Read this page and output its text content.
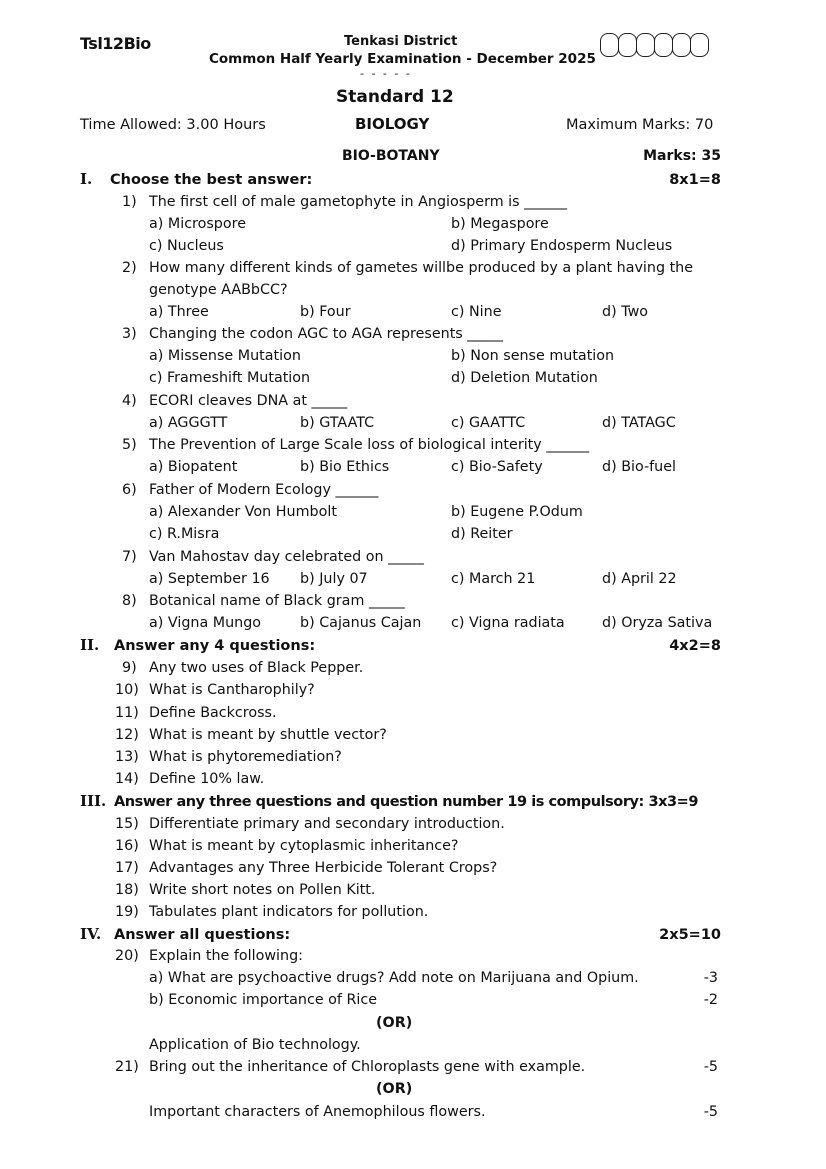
Tsl12Bio	Tenkasi District
Common Half Yearly Examination - December 2025
- - - - -
Standard 12
Time Allowed: 3.00 Hours	BIOLOGY	Maximum Marks: 70
BIO-BOTANY	Marks: 35
I. Choose the best answer:	8x1=8
1) The first cell of male gametophyte in Angiosperm is ______
a) Microspore	b) Megaspore
c) Nucleus	d) Primary Endosperm Nucleus
2) How many different kinds of gametes willbe produced by a plant having the
genotype AABbCC?
a) Three	b) Four	c) Nine	d) Two
3) Changing the codon AGC to AGA represents _____
a) Missense Mutation	b) Non sense mutation
c) Frameshift Mutation	d) Deletion Mutation
4) ECORI cleaves DNA at _____
a) AGGGTT	b) GTAATC	c) GAATTC	d) TATAGC
5) The Prevention of Large Scale loss of biological interity ______
a) Biopatent	b) Bio Ethics	c) Bio-Safety	d) Bio-fuel
6) Father of Modern Ecology ______
a) Alexander Von Humbolt	b) Eugene P.Odum
c) R.Misra	d) Reiter
7) Van Mahostav day celebrated on _____
a) September 16 b) July 07	c) March 21	d) April 22
8) Botanical name of Black gram _____
a) Vigna Mungo	b) Cajanus Cajan c) Vigna radiata	d) Oryza Sativa
II. Answer any 4 questions:	4x2=8
9) Any two uses of Black Pepper.
10) What is Cantharophily?
11) Define Backcross.
12) What is meant by shuttle vector?
13) What is phytoremediation?
14) Define 10% law.
III. Answer any three questions and question number 19 is compulsory: 3x3=9
15) Differentiate primary and secondary introduction.
16) What is meant by cytoplasmic inheritance?
17) Advantages any Three Herbicide Tolerant Crops?
18) Write short notes on Pollen Kitt.
19) Tabulates plant indicators for pollution.
IV. Answer all questions:	2x5=10
20) Explain the following:
a) What are psychoactive drugs? Add note on Marijuana and Opium.	-3
b) Economic importance of Rice	-2
(OR)
Application of Bio technology.
21) Bring out the inheritance of Chloroplasts gene with example.	-5
(OR)
Important characters of Anemophilous flowers.	-5
